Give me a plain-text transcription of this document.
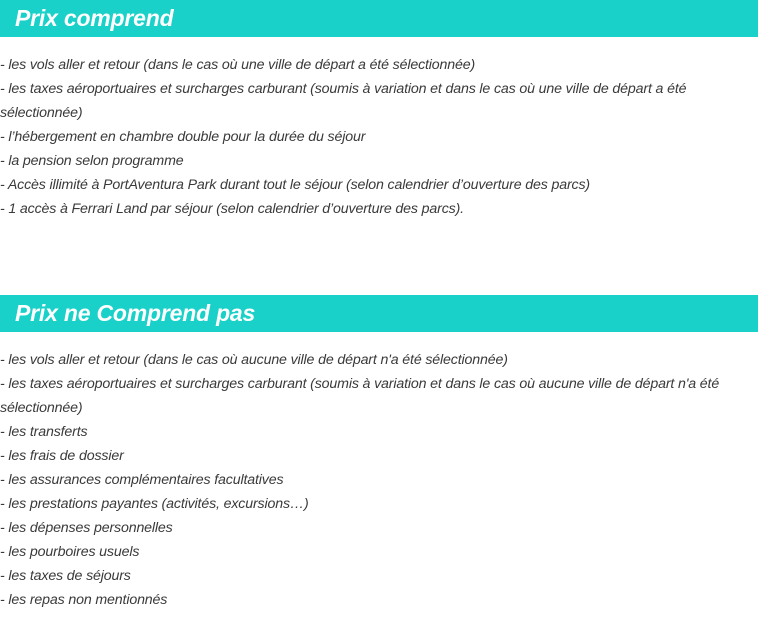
Prix comprend
- les vols aller et retour (dans le cas où une ville de départ a été sélectionnée)
- les taxes aéroportuaires et surcharges carburant (soumis à variation et dans le cas où une ville de départ a été sélectionnée)
- l’hébergement en chambre double pour la durée du séjour
- la pension selon programme
- Accès illimité à PortAventura Park durant tout le séjour (selon calendrier d’ouverture des parcs)
- 1 accès à Ferrari Land par séjour (selon calendrier d’ouverture des parcs).
Prix ne Comprend pas
- les vols aller et retour (dans le cas où aucune ville de départ n'a été sélectionnée)
- les taxes aéroportuaires et surcharges carburant (soumis à variation et dans le cas où aucune ville de départ n'a été sélectionnée)
- les transferts
- les frais de dossier
- les assurances complémentaires facultatives
- les prestations payantes (activités, excursions…)
- les dépenses personnelles
- les pourboires usuels
- les taxes de séjours
- les repas non mentionnés
